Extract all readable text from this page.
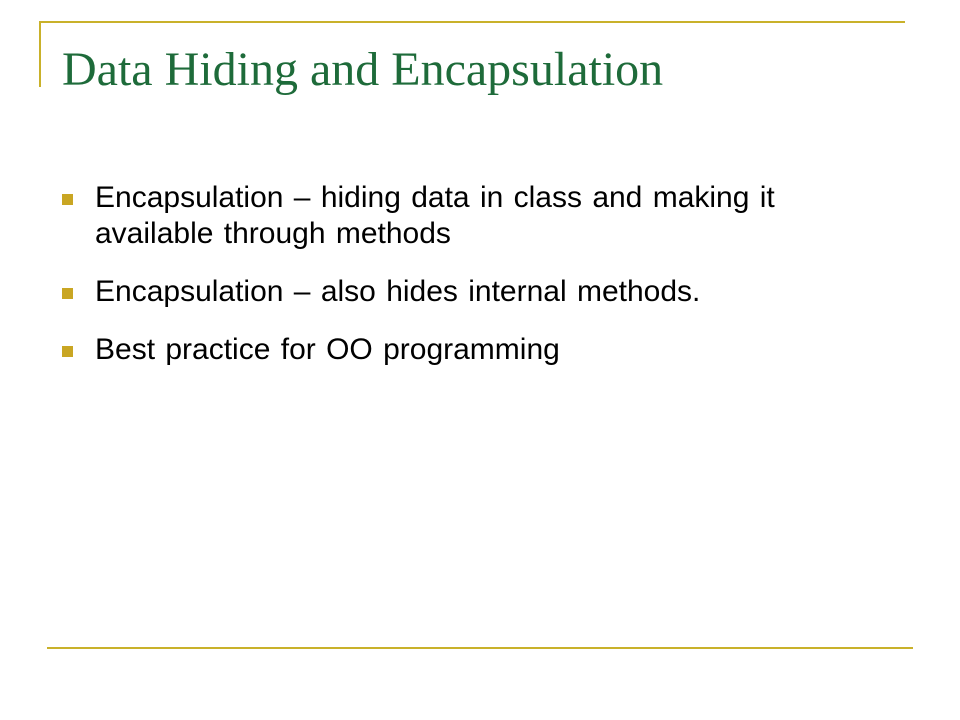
Data Hiding and Encapsulation
Encapsulation – hiding data in class and making it available through methods
Encapsulation – also hides internal methods.
Best practice for OO programming
